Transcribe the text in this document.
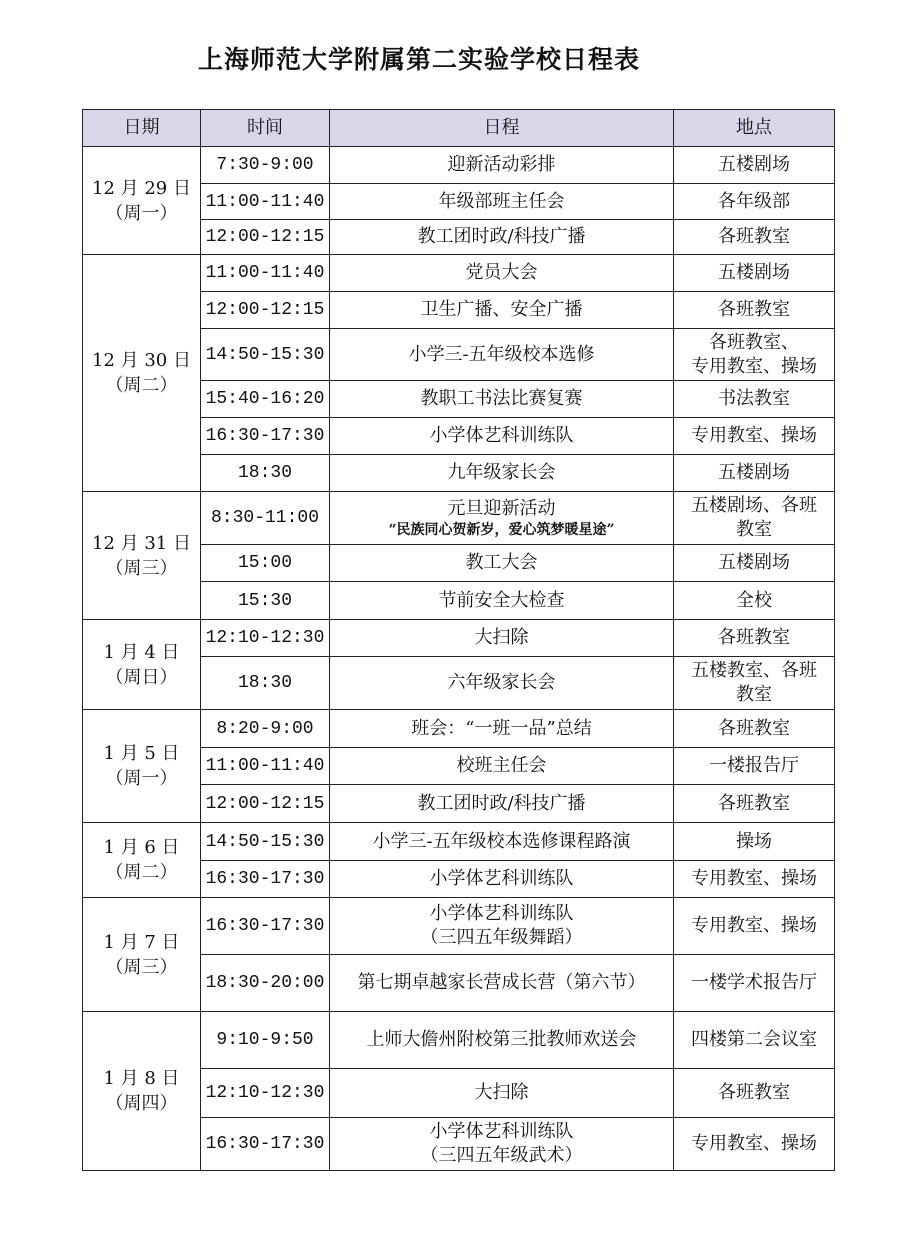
上海师范大学附属第二实验学校日程表
日期	时间	日程	地点

12 月 29 日
（周一）	7:30-9:00	迎新活动彩排	五楼剧场

	11:00-11:40	年级部班主任会	各年级部

	12:00-12:15	教工团时政/科技广播	各班教室

12 月 30 日
（周二）	11:00-11:40	党员大会	五楼剧场

	12:00-12:15	卫生广播、安全广播	各班教室

	14:50-15:30	小学三-五年级校本选修	各班教室、
专用教室、操场

	15:40-16:20	教职工书法比赛复赛	书法教室

	16:30-17:30	小学体艺科训练队	专用教室、操场

	18:30	九年级家长会	五楼剧场

12 月 31 日
（周三）	8:30-11:00	元旦迎新活动
“民族同心贺新岁，爱心筑梦暖星途”	五楼剧场、各班
教室

	15:00	教工大会	五楼剧场

	15:30	节前安全大检查	全校

1 月 4 日
（周日）	12:10-12:30	大扫除	各班教室

	18:30	六年级家长会	五楼教室、各班
教室

1 月 5 日
（周一）	8:20-9:00	班会：“一班一品”总结	各班教室

	11:00-11:40	校班主任会	一楼报告厅

	12:00-12:15	教工团时政/科技广播	各班教室

1 月 6 日
（周二）	14:50-15:30	小学三-五年级校本选修课程路演	操场

	16:30-17:30	小学体艺科训练队	专用教室、操场

1 月 7 日
（周三）	16:30-17:30	小学体艺科训练队
（三四五年级舞蹈）	专用教室、操场

	18:30-20:00	第七期卓越家长营成长营（第六节）	一楼学术报告厅

1 月 8 日
（周四）	9:10-9:50	上师大儋州附校第三批教师欢送会	四楼第二会议室

	12:10-12:30	大扫除	各班教室

	16:30-17:30	小学体艺科训练队
（三四五年级武术）	专用教室、操场
